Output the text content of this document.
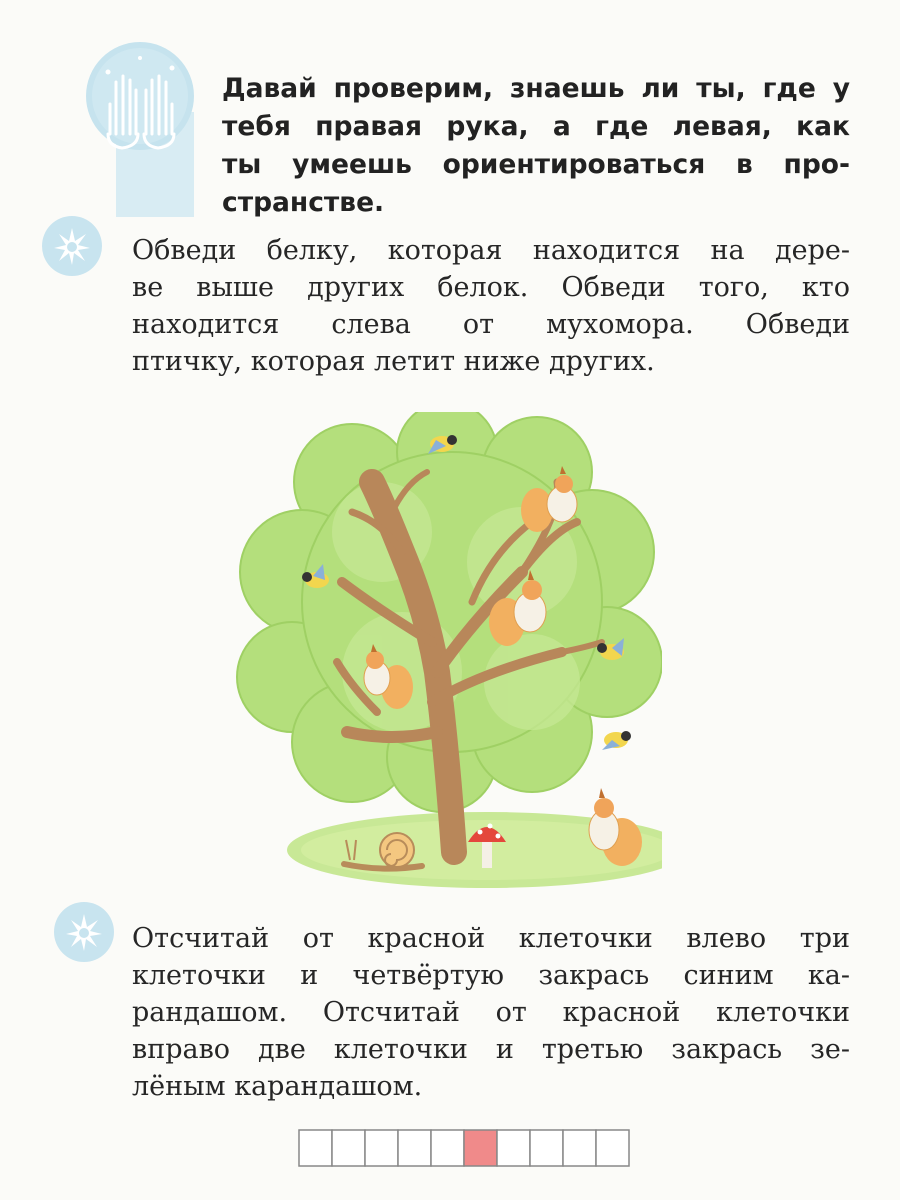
Давай проверим, знаешь ли ты, где у
тебя правая рука, а где левая, как
ты умеешь ориентироваться в про-
странстве.
Обведи белку, которая находится на дере-
ве выше других белок. Обведи того, кто
находится слева от мухомора. Обведи
птичку, которая летит ниже других.
Отсчитай от красной клеточки влево три
клеточки и четвёртую закрась синим ка-
рандашом. Отсчитай от красной клеточки
вправо две клеточки и третью закрась зе-
лёным карандашом.
